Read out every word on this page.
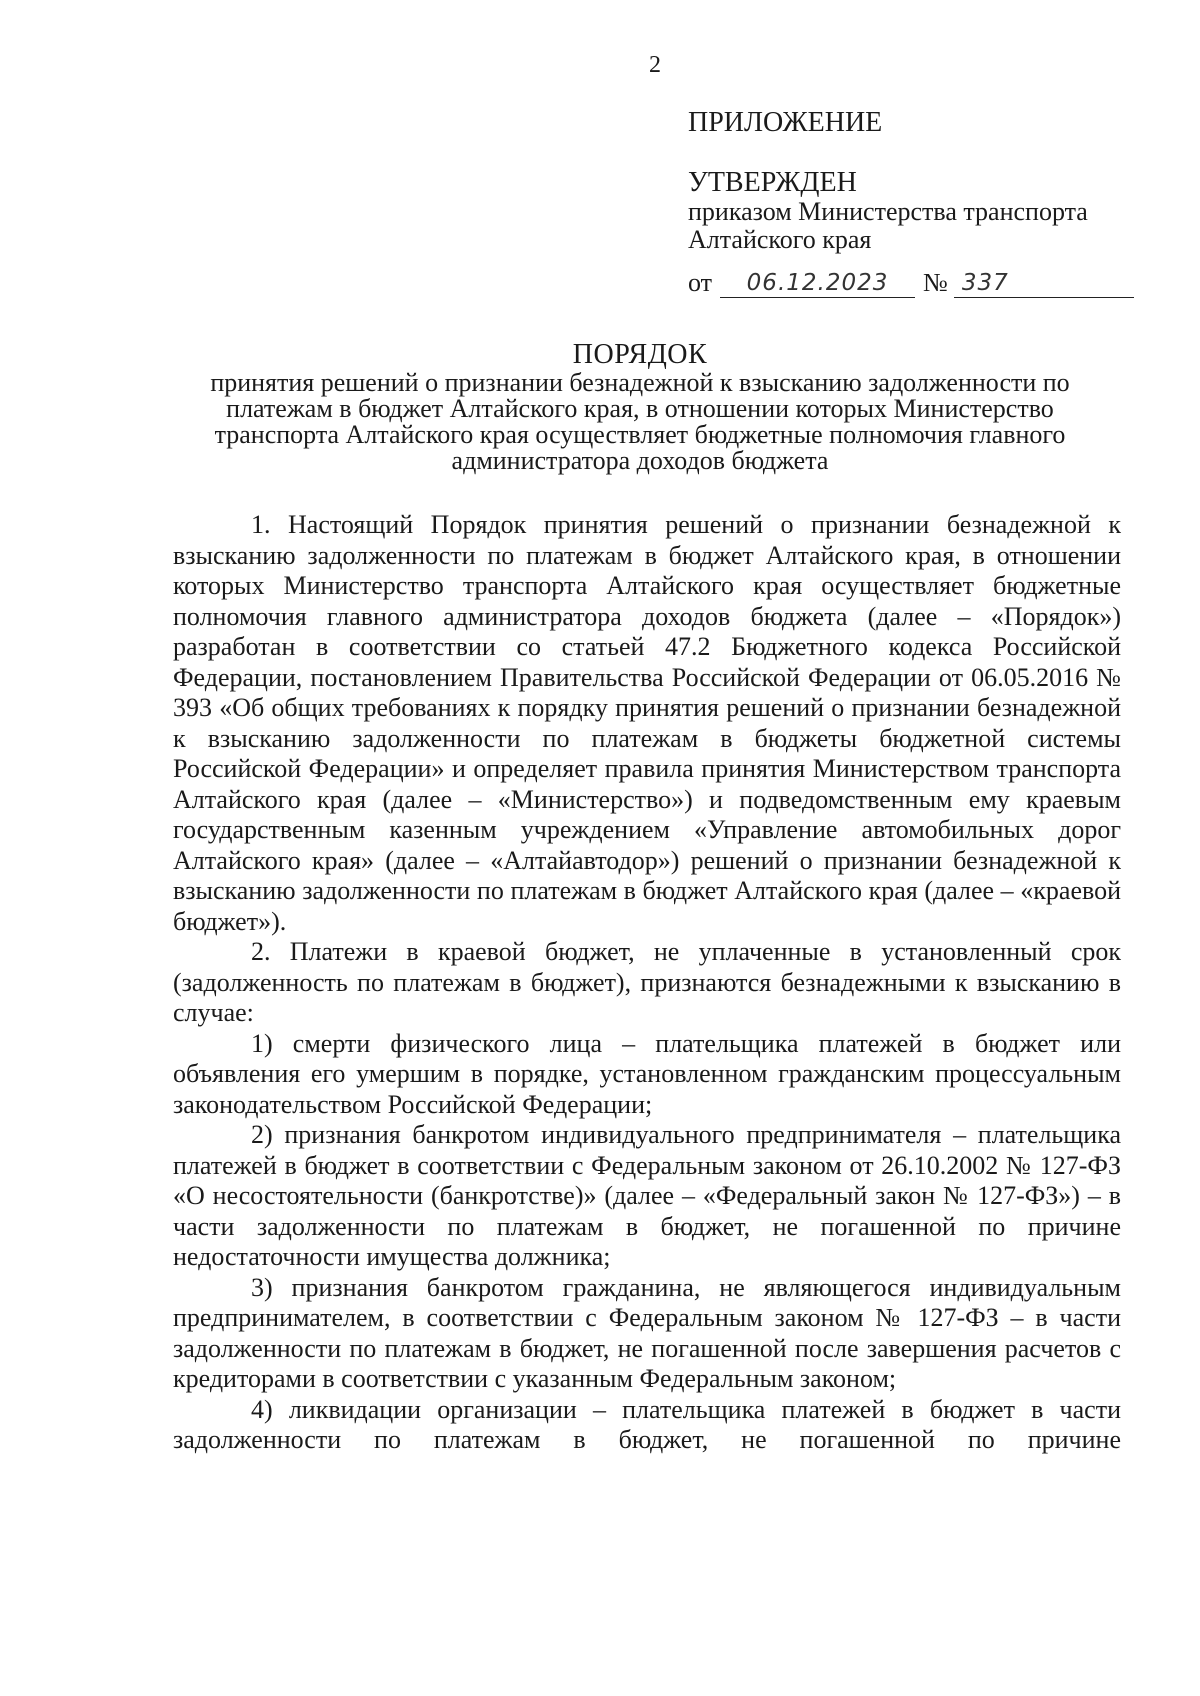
2

ПРИЛОЖЕНИЕ

УТВЕРЖДЕН

приказом Министерства транспорта

Алтайского края

от	06.12.2023	№ 337

ПОРЯДОК

принятия решений о признании безнадежной к взысканию задолженности по

платежам в бюджет Алтайского края, в отношении которых Министерство

транспорта Алтайского края осуществляет бюджетные полномочия главного

администратора доходов бюджета

1. Настоящий Порядок принятия решений о признании безнадежной к взысканию задолженности по платежам в бюджет Алтайского края, в отношении которых Министерство транспорта Алтайского края осуществляет бюджетные полномочия главного администратора доходов бюджета (далее – «Порядок») разработан в соответствии со статьей 47.2 Бюджетного кодекса Российской Федерации, постановлением Правительства Российской Федерации от 06.05.2016 № 393 «Об общих требованиях к порядку принятия решений о признании безнадежной к взысканию задолженности по платежам в бюджеты бюджетной системы Российской Федерации» и определяет правила принятия Министерством транспорта Алтайского края (далее – «Министерство») и подведомственным ему краевым государственным казенным учреждением «Управление автомобильных дорог Алтайского края» (далее – «Алтайавтодор») решений о признании безнадежной к взысканию задолженности по платежам в бюджет Алтайского края (далее – «краевой бюджет»).

2. Платежи в краевой бюджет, не уплаченные в установленный срок (задолженность по платежам в бюджет), признаются безнадежными к взысканию в случае:

1) смерти физического лица – плательщика платежей в бюджет или объявления его умершим в порядке, установленном гражданским процессуальным законодательством Российской Федерации;

2) признания банкротом индивидуального предпринимателя – плательщика платежей в бюджет в соответствии с Федеральным законом от 26.10.2002 № 127-ФЗ «О несостоятельности (банкротстве)» (далее – «Федеральный закон № 127-ФЗ») – в части задолженности по платежам в бюджет, не погашенной по причине недостаточности имущества должника;

3) признания банкротом гражданина, не являющегося индивидуальным предпринимателем, в соответствии с Федеральным законом № 127-ФЗ – в части задолженности по платежам в бюджет, не погашенной после завершения расчетов с кредиторами в соответствии с указанным Федеральным законом;

4) ликвидации организации – плательщика платежей в бюджет в части задолженности по платежам в бюджет, не погашенной по причине
